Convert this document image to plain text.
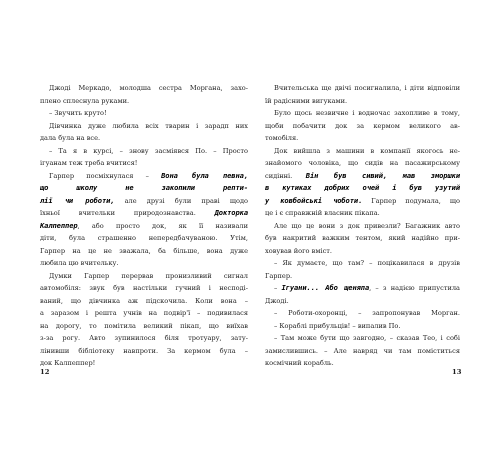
Джоді Меркадо, молодша сестра Моргана, захо-
плено сплеснула руками.
– Звучить круто!
Дівчинка дуже любила всіх тварин і зарадп них
дала була на все.
– Та я в курсі, – знову засміявся По. – Просто
ігуанам теж треба вчитися!
Гарпер посміхнулася – Вона була певна,
що школу не закопили репти-
лії чи роботи, але друзі були праві щодо
їхньої вчительки природознавства. Докторка
Калпеппер, або просто док, як її називали
діти, була страшенно непередбачуваною. Утім,
Гарпер на це не зважала, ба більше, вона дуже
любила цю вчительку.
Думки Гарпер перервав пронизливий сигнал
автомобіля: звук був настільки гучний і несподі-
ваний, що дівчинка аж підскочила. Коли вона –
а заразом і решта учнів на подвір'ї – подивилася
на дорогу, то помітила великий пікап, що виїхав
з-за рогу. Авто зупинилося біля тротуару, зату-
лінивши бібліотеку навпроти. За кермом була –
док Калпеппер!
Вчительська ще двічі посигналила, і діти відповіли
їй радісними вигуками.
Було щось незвичне і водночас захопливе в тому,
щоби побачити док за кермом великого ав-
томобіля.
Док вийшла з машини в компанії якогось не-
знайомого чоловіка, що сидів на пасажирському
сидінні. Він був сивий, мав зморшки
в кутиках добрих очей і був узутий
у ковбойські чоботи. Гарпер подумала, що
це і є справжній власник пікапа.
Але що це вони з док привезли? Багажник авто
був накритий важким тентом, який надійно при-
ховував його вміст.
– Як думаєте, що там? – поцікавилася в друзів
Гарпер.
– Ігуани... Або щеняпа, – з надією припустила
Джоді.
– Роботи-охоронці, – запропонував Морган.
– Кораблі прибульців! – випалив По.
– Там може бути що завгодно, – сказав Тео, і собі
замислившись. – Але навряд чи там поміститься
космічний корабль.
12	13
